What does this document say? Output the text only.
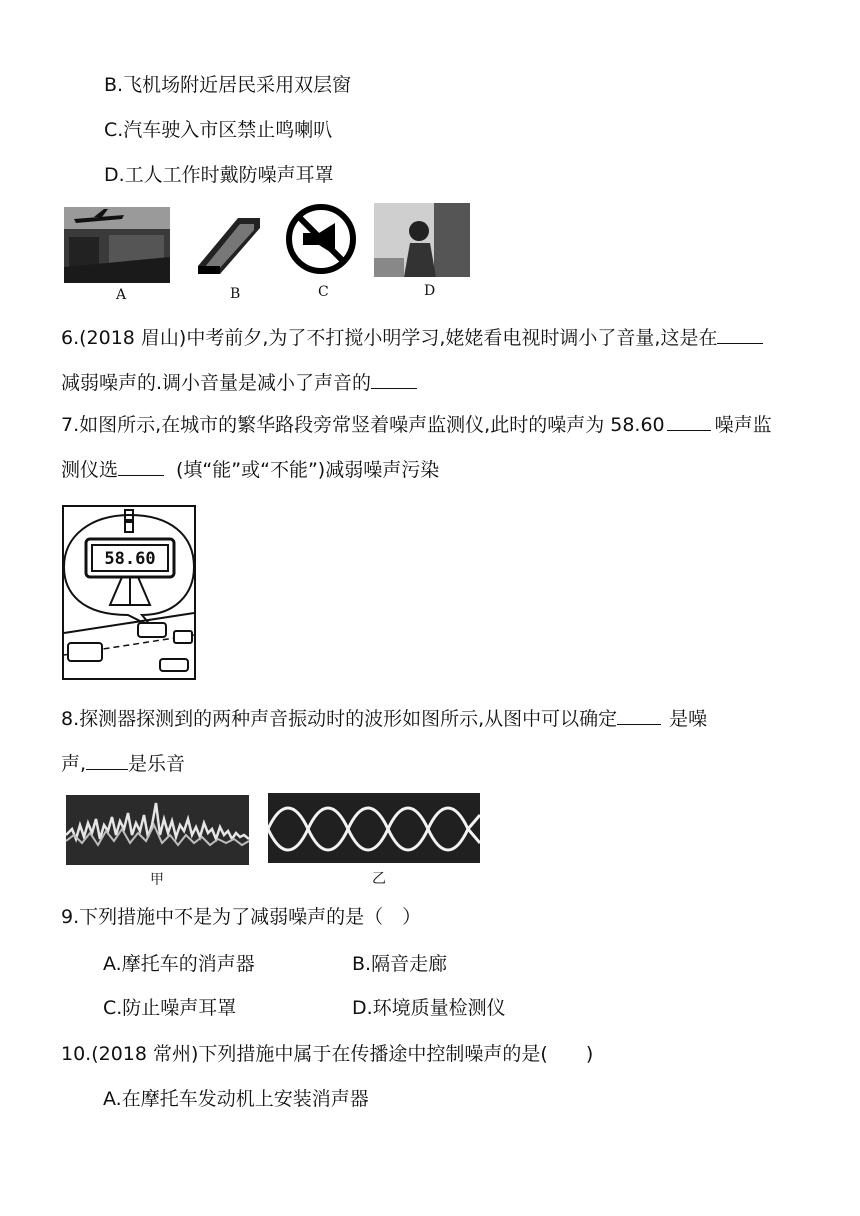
B.飞机场附近居民采用双层窗
C.汽车驶入市区禁止鸣喇叭
D.工人工作时戴防噪声耳罩
A	B	C	D
6.(2018 眉山)中考前夕,为了不打搅小明学习,姥姥看电视时调小了音量,这是在
减弱噪声的.调小音量是减小了声音的
7.如图所示,在城市的繁华路段旁常竖着噪声监测仪,此时的噪声为 58.60	噪声监
测仪选	(填“能”或“不能”)减弱噪声污染
58.60
8.探测器探测到的两种声音振动时的波形如图所示,从图中可以确定	是噪
声, 是乐音
甲	乙
9.下列措施中不是为了减弱噪声的是（　）
A.摩托车的消声器	B.隔音走廊
C.防止噪声耳罩	D.环境质量检测仪
10.(2018 常州)下列措施中属于在传播途中控制噪声的是(　　)
A.在摩托车发动机上安装消声器
